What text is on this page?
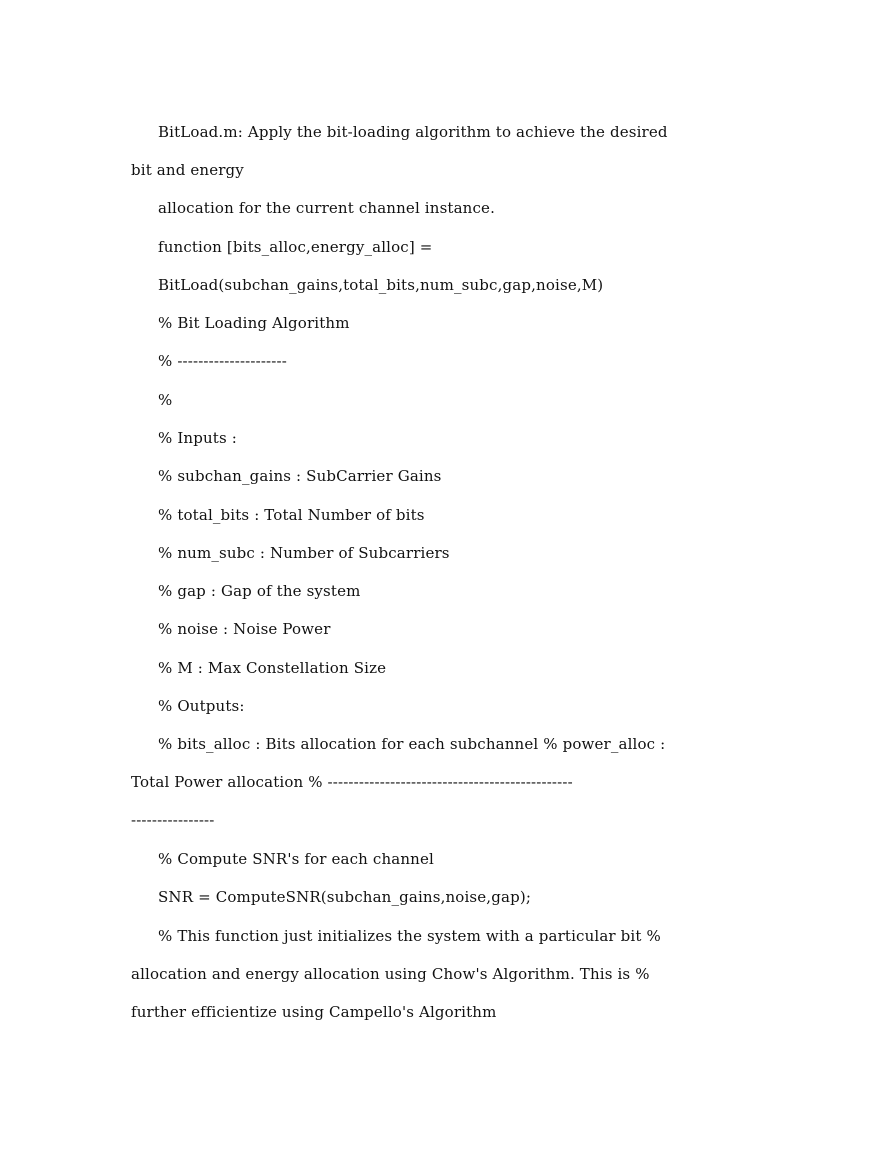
BitLoad.m: Apply the bit-loading algorithm to achieve the desired

bit and energy

allocation for the current channel instance.

function [bits_alloc,energy_alloc] =

BitLoad(subchan_gains,total_bits,num_subc,gap,noise,M)

% Bit Loading Algorithm

% ---------------------

%

% Inputs :

% subchan_gains : SubCarrier Gains

% total_bits : Total Number of bits

% num_subc : Number of Subcarriers

% gap : Gap of the system

% noise : Noise Power

% M : Max Constellation Size

% Outputs:

% bits_alloc : Bits allocation for each subchannel % power_alloc :

Total Power allocation % -----------------------------------------------

----------------

% Compute SNR's for each channel

SNR = ComputeSNR(subchan_gains,noise,gap);

% This function just initializes the system with a particular bit %

allocation and energy allocation using Chow's Algorithm. This is %

further efficientize using Campello's Algorithm
